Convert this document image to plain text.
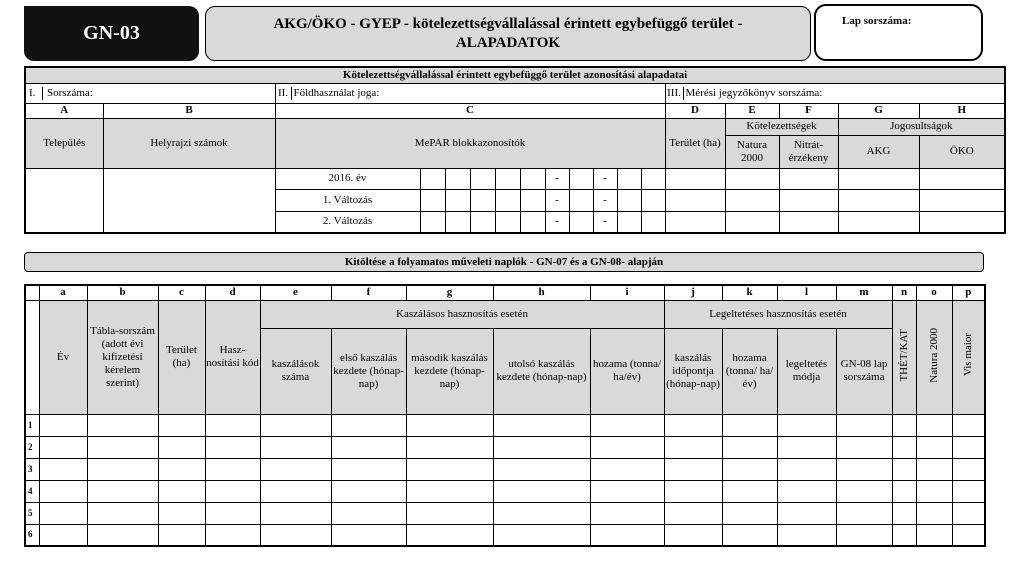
GN-03	AKG/ÖKO - GYEP - kötelezettségvállalással érintett egybefüggő terület -
ALAPADATOK
Lap sorszáma:
Kötelezettségvállalással érintett egybefüggő terület azonosítási alapadatai																	
I. Sorszáma:		II. Földhasználat joga:											III. Mérési jegyzőkönyv sorszáma:				
A	B	C											D	E	F	G	H
Település	Helyrajzi számok	MePAR blokkazonosítók											Terület (ha)	Kötelezettségek		Jogosultságok	
														Natura 2000	Nitrát-érzékeny	AKG	ÖKO
		2016. év						-		-							
		1. Változás						-		-							
		2. Változás						-		-							
Kitöltése a folyamatos műveleti naplók - GN-07 és a GN-08- alapján
	a	b	c	d	e	f	g	h	i	j	k	l	m	n	o	p
	Év	Tábla-sorszám (adott évi kifizetési kérelem szerint)	Terület (ha)	Hasz-nosítási kód	Kaszálásos hasznosítás esetén					Legeltetéses hasznosítás esetén				THÉT/KAT	Natura 2000	Vis maior
					kaszálások száma	első kaszálás kezdete (hónap-nap)	második kaszálás kezdete (hónap-nap)	utolsó kaszálás kezdete (hónap-nap)	hozama (tonna/ ha/év)	kaszálás időpontja (hónap-nap)	hozama (tonna/ ha/év)	legeltetés módja	GN-08 lap sorszáma			
1																
2																
3																
4																
5																
6																
